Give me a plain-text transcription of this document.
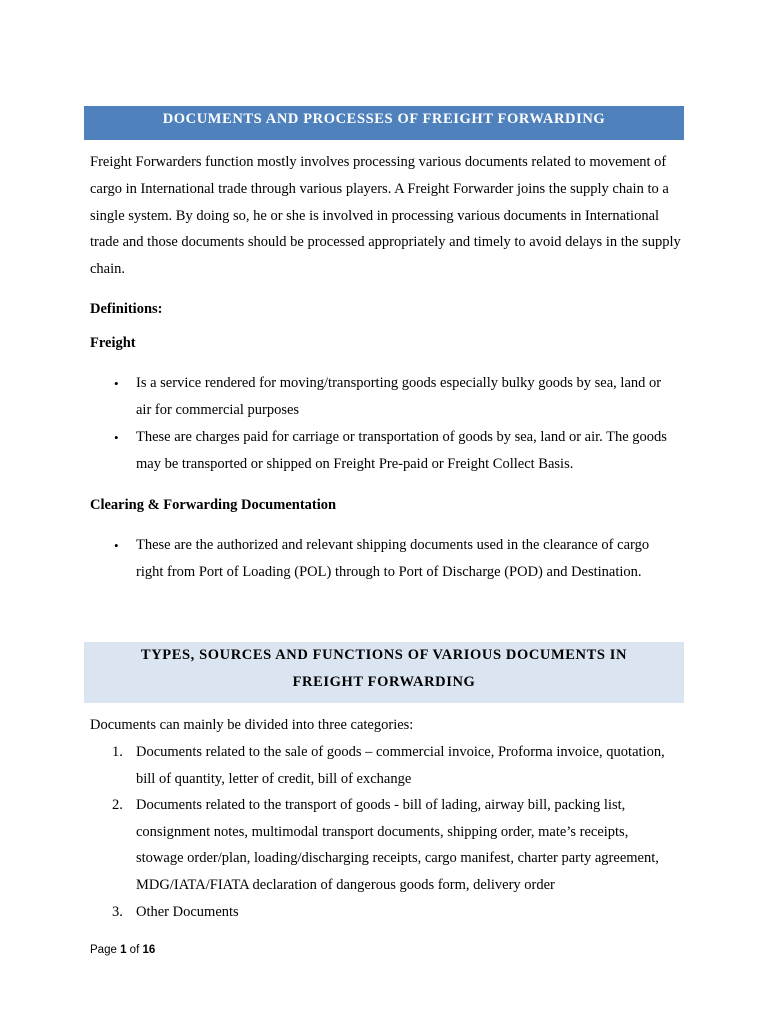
DOCUMENTS AND PROCESSES OF FREIGHT FORWARDING

Freight Forwarders function mostly involves processing various documents related to movement of cargo in International trade through various players. A Freight Forwarder joins the supply chain to a single system. By doing so, he or she is involved in processing various documents in International trade and those documents should be processed appropriately and timely to avoid delays in the supply chain.

Definitions:

Freight

• Is a service rendered for moving/transporting goods especially bulky goods by sea, land or air for commercial purposes
• These are charges paid for carriage or transportation of goods by sea, land or air. The goods may be transported or shipped on Freight Pre-paid or Freight Collect Basis.

Clearing & Forwarding Documentation

• These are the authorized and relevant shipping documents used in the clearance of cargo right from Port of Loading (POL) through to Port of Discharge (POD) and Destination.
TYPES, SOURCES AND FUNCTIONS OF VARIOUS DOCUMENTS IN
FREIGHT FORWARDING

Documents can mainly be divided into three categories:

1. Documents related to the sale of goods – commercial invoice, Proforma invoice, quotation, bill of quantity, letter of credit, bill of exchange
2. Documents related to the transport of goods - bill of lading, airway bill, packing list, consignment notes, multimodal transport documents, shipping order, mate’s receipts, stowage order/plan, loading/discharging receipts, cargo manifest, charter party agreement, MDG/IATA/FIATA declaration of dangerous goods form, delivery order
3. Other Documents
Page 1 of 16
